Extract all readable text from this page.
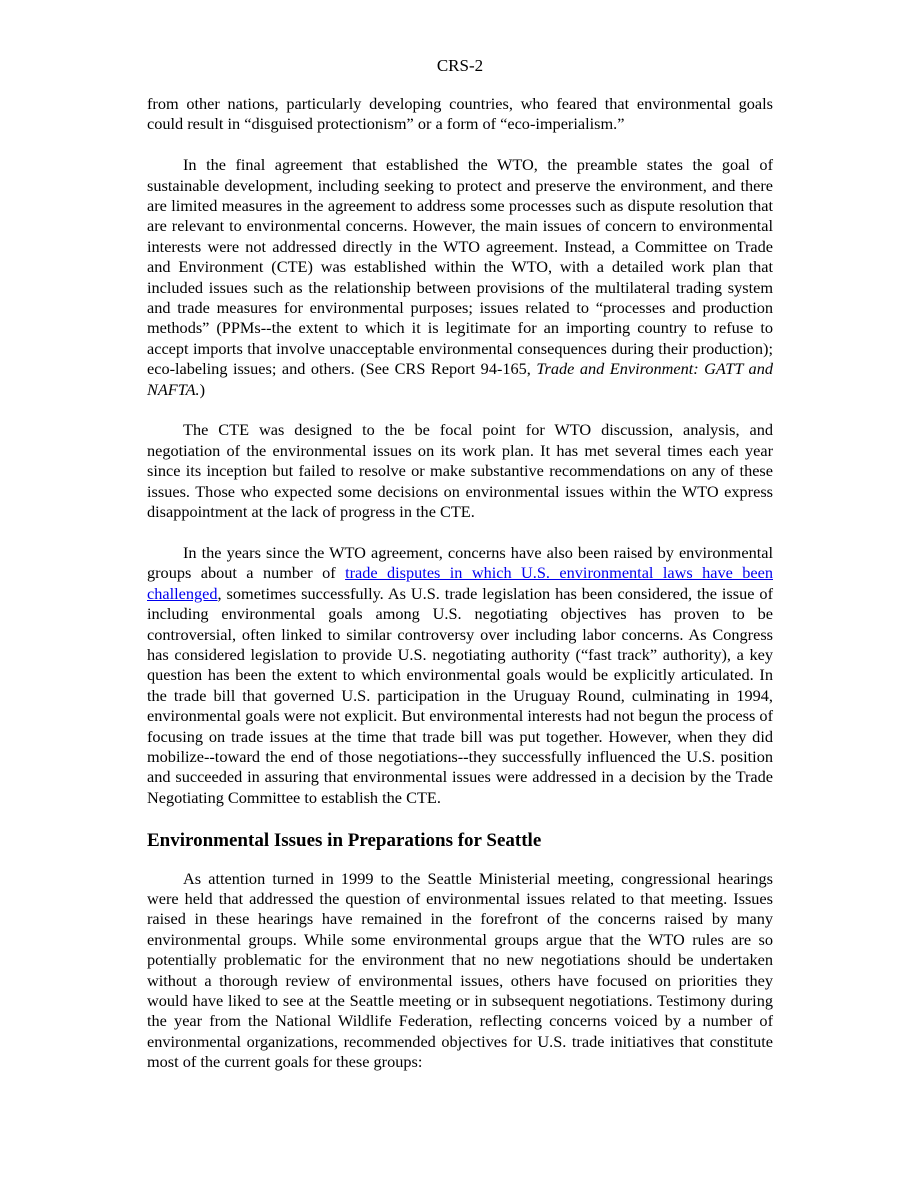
CRS-2

from other nations, particularly developing countries, who feared that environmental goals could result in “disguised protectionism” or a form of “eco-imperialism.”

In the final agreement that established the WTO, the preamble states the goal of sustainable development, including seeking to protect and preserve the environment, and there are limited measures in the agreement to address some processes such as dispute resolution that are relevant to environmental concerns. However, the main issues of concern to environmental interests were not addressed directly in the WTO agreement. Instead, a Committee on Trade and Environment (CTE) was established within the WTO, with a detailed work plan that included issues such as the relationship between provisions of the multilateral trading system and trade measures for environmental purposes; issues related to “processes and production methods” (PPMs--the extent to which it is legitimate for an importing country to refuse to accept imports that involve unacceptable environmental consequences during their production); eco-labeling issues; and others. (See CRS Report 94-165, Trade and Environment: GATT and NAFTA.)

The CTE was designed to the be focal point for WTO discussion, analysis, and negotiation of the environmental issues on its work plan. It has met several times each year since its inception but failed to resolve or make substantive recommendations on any of these issues. Those who expected some decisions on environmental issues within the WTO express disappointment at the lack of progress in the CTE.

In the years since the WTO agreement, concerns have also been raised by environmental groups about a number of trade disputes in which U.S. environmental laws have been challenged, sometimes successfully. As U.S. trade legislation has been considered, the issue of including environmental goals among U.S. negotiating objectives has proven to be controversial, often linked to similar controversy over including labor concerns. As Congress has considered legislation to provide U.S. negotiating authority (“fast track” authority), a key question has been the extent to which environmental goals would be explicitly articulated. In the trade bill that governed U.S. participation in the Uruguay Round, culminating in 1994, environmental goals were not explicit. But environmental interests had not begun the process of focusing on trade issues at the time that trade bill was put together. However, when they did mobilize--toward the end of those negotiations--they successfully influenced the U.S. position and succeeded in assuring that environmental issues were addressed in a decision by the Trade Negotiating Committee to establish the CTE.

Environmental Issues in Preparations for Seattle

As attention turned in 1999 to the Seattle Ministerial meeting, congressional hearings were held that addressed the question of environmental issues related to that meeting. Issues raised in these hearings have remained in the forefront of the concerns raised by many environmental groups. While some environmental groups argue that the WTO rules are so potentially problematic for the environment that no new negotiations should be undertaken without a thorough review of environmental issues, others have focused on priorities they would have liked to see at the Seattle meeting or in subsequent negotiations. Testimony during the year from the National Wildlife Federation, reflecting concerns voiced by a number of environmental organizations, recommended objectives for U.S. trade initiatives that constitute most of the current goals for these groups:
